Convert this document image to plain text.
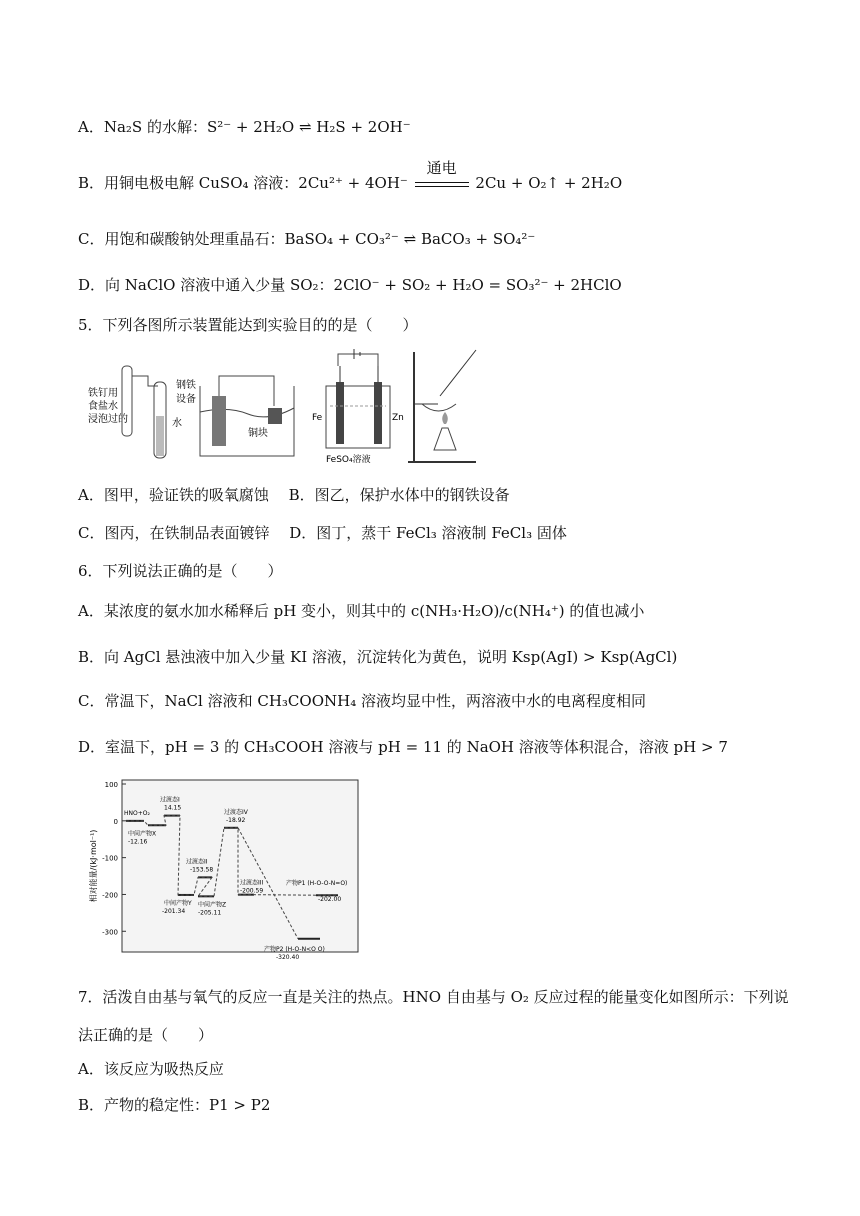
A．Na₂S 的水解：S²⁻ + 2H₂O ⇌ H₂S + 2OH⁻
B．用铜电极电解 CuSO₄ 溶液：2Cu²⁺ + 4OH⁻
通电
2Cu + O₂↑ + 2H₂O
C．用饱和碳酸钠处理重晶石：BaSO₄ + CO₃²⁻ ⇌ BaCO₃ + SO₄²⁻
D．向 NaClO 溶液中通入少量 SO₂：2ClO⁻ + SO₂ + H₂O = SO₃²⁻ + 2HClO
5．下列各图所示装置能达到实验目的的是（　　）
铁钉用
食盐水
浸泡过的	水
钢铁
设备
铜块
Fe	Zn
FeSO₄溶液
A．图甲，验证铁的吸氧腐蚀　 B．图乙，保护水体中的钢铁设备
C．图丙，在铁制品表面镀锌　 D．图丁，蒸干 FeCl₃ 溶液制 FeCl₃ 固体
6．下列说法正确的是（　　）
A．某浓度的氨水加水稀释后 pH 变小，则其中的 c(NH₃·H₂O)/c(NH₄⁺) 的值也减小
B．向 AgCl 悬浊液中加入少量 KI 溶液，沉淀转化为黄色，说明 Ksp(AgI) > Ksp(AgCl)
C．常温下，NaCl 溶液和 CH₃COONH₄ 溶液均显中性，两溶液中水的电离程度相同
D．室温下，pH = 3 的 CH₃COOH 溶液与 pH = 11 的 NaOH 溶液等体积混合，溶液 pH > 7
相对能量/(kJ·mol⁻¹)
100
0
-100
-200
-300
HNO+O₂
中间产物X
过渡态I
中间产物Y
过渡态II
中间产物Z
过渡态IV
过渡态III	产物P1 (H-O-O-N=O)
产物P2 (H-O-N<O O)
14.15
-12.16
-201.34
-153.58
-205.11
-18.92
-200.59
-202.00
-320.40
7．活泼自由基与氧气的反应一直是关注的热点。HNO 自由基与 O₂ 反应过程的能量变化如图所示：下列说
法正确的是（　　）
A．该反应为吸热反应
B．产物的稳定性：P1 > P2
